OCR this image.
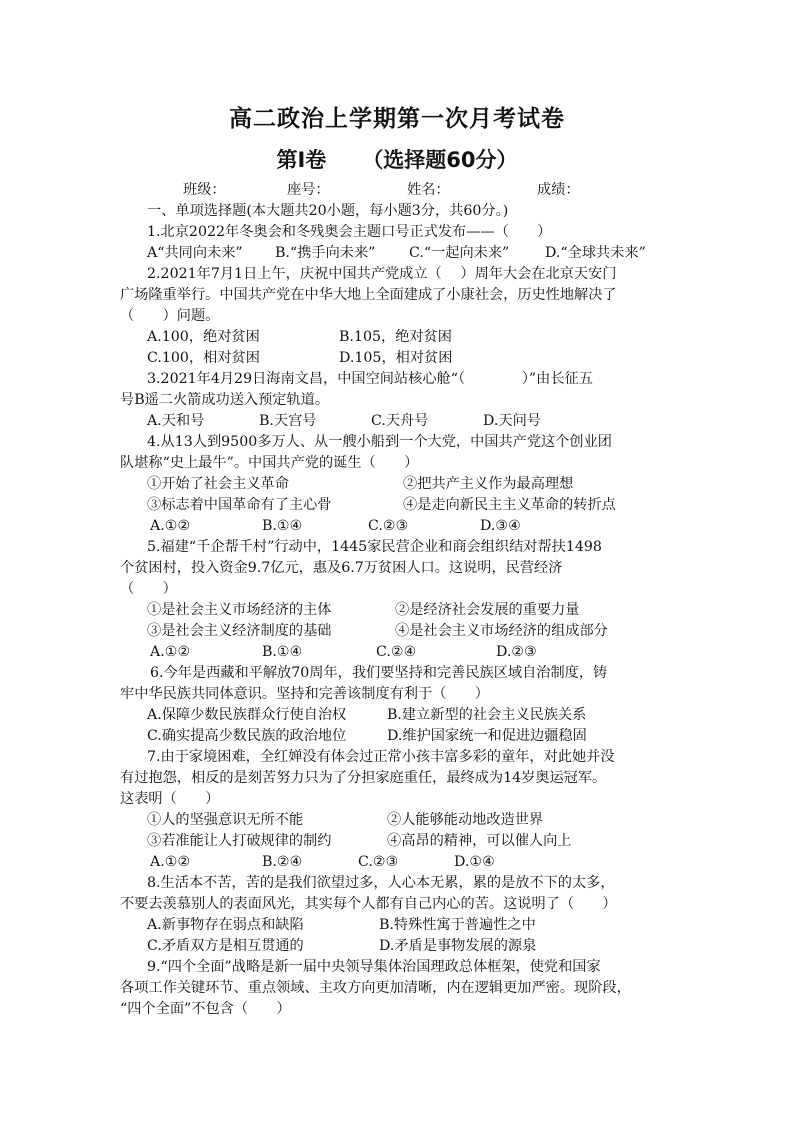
高二政治上学期第一次月考试卷
第Ⅰ卷 （选择题60分）
班级：	座号：	姓名：	成绩：
一、单项选择题(本大题共20小题，每小题3分，共60分。)
1.北京2022年冬奥会和冬残奥会主题口号正式发布——（　　）
A“共同向未来” B.“携手向未来” C.“一起向未来”	D.“全球共未来”
2.2021年7月1日上午，庆祝中国共产党成立（　 ）周年大会在北京天安门
广场隆重举行。中国共产党在中华大地上全面建成了小康社会，历史性地解决了
（　　）问题。
A.100，绝对贫困	B.105，绝对贫困
C.100，相对贫困	D.105，相对贫困
3.2021年4月29日海南文昌，中国空间站核心舱“（　　　　）”由长征五
号B遥二火箭成功送入预定轨道。
A.天和号	B.天宫号	C.天舟号	D.天问号
4.从13人到9500多万人、从一艘小船到一个大党，中国共产党这个创业团
队堪称“史上最牛”。中国共产党的诞生（　　）
①开始了社会主义革命	②把共产主义作为最高理想
③标志着中国革命有了主心骨	④是走向新民主主义革命的转折点
A.①②	B.①④	C.②③	D.③④
5.福建“千企帮千村”行动中，1445家民营企业和商会组织结对帮扶1498
个贫困村，投入资金9.7亿元，惠及6.7万贫困人口。这说明，民营经济
（　　）
①是社会主义市场经济的主体	②是经济社会发展的重要力量
③是社会主义经济制度的基础	④是社会主义市场经济的组成部分
A.①②	B.①④	C.②④	D.②③
6.今年是西藏和平解放70周年，我们要坚持和完善民族区域自治制度，铸
牢中华民族共同体意识。坚持和完善该制度有利于（　　）
A.保障少数民族群众行使自治权	B.建立新型的社会主义民族关系
C.确实提高少数民族的政治地位	D.维护国家统一和促进边疆稳固
7.由于家境困难，全红婵没有体会过正常小孩丰富多彩的童年，对此她并没
有过抱怨，相反的是刻苦努力只为了分担家庭重任，最终成为14岁奥运冠军。
这表明（　　）
①人的坚强意识无所不能	②人能够能动地改造世界
③若准能让人打破规律的制约	④高昂的精神，可以催人向上
A.①②	B.②④	C.②③	D.①④
8.生活本不苦，苦的是我们欲望过多，人心本无累，累的是放不下的太多，
不要去羡慕别人的表面风光，其实每个人都有自己内心的苦。这说明了（　　）
A.新事物存在弱点和缺陷	B.特殊性寓于普遍性之中
C.矛盾双方是相互贯通的	D.矛盾是事物发展的源泉
9.“四个全面”战略是新一届中央领导集体治国理政总体框架，使党和国家
各项工作关键环节、重点领域、主攻方向更加清晰，内在逻辑更加严密。现阶段，
“四个全面”不包含（　　）
